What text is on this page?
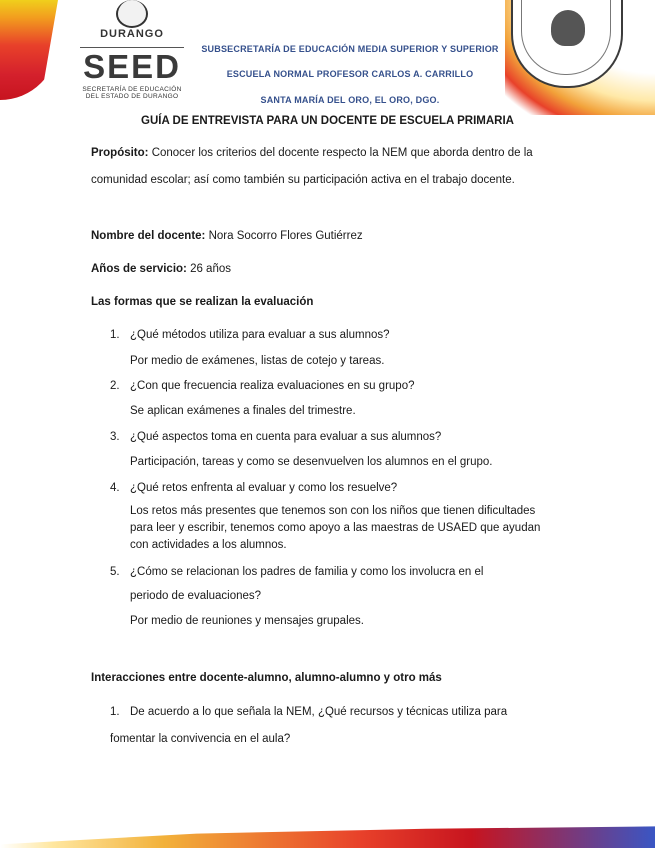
DURANGO
SEED
SECRETARÍA DE EDUCACIÓN
DEL ESTADO DE DURANGO
SUBSECRETARÍA DE EDUCACIÓN MEDIA SUPERIOR Y SUPERIOR
ESCUELA NORMAL PROFESOR CARLOS A. CARRILLO
SANTA MARÍA DEL ORO, EL ORO, DGO.
GUÍA DE ENTREVISTA PARA UN DOCENTE DE ESCUELA PRIMARIA

Propósito: Conocer los criterios del docente respecto la NEM que aborda dentro de la comunidad escolar; así como también su participación activa en el trabajo docente.

Nombre del docente: Nora Socorro Flores Gutiérrez

Años de servicio: 26 años

Las formas que se realizan la evaluación

1. ¿Qué métodos utiliza para evaluar a sus alumnos?

Por medio de exámenes, listas de cotejo y tareas.

2. ¿Con que frecuencia realiza evaluaciones en su grupo?

Se aplican exámenes a finales del trimestre.

3. ¿Qué aspectos toma en cuenta para evaluar a sus alumnos?

Participación, tareas y como se desenvuelven los alumnos en el grupo.

4. ¿Qué retos enfrenta al evaluar y como los resuelve?

Los retos más presentes que tenemos son con los niños que tienen dificultades para leer y escribir, tenemos como apoyo a las maestras de USAED que ayudan con actividades a los alumnos.

5. ¿Cómo se relacionan los padres de familia y como los involucra en el
periodo de evaluaciones?

Por medio de reuniones y mensajes grupales.

Interacciones entre docente-alumno, alumno-alumno y otro más

1. De acuerdo a lo que señala la NEM, ¿Qué recursos y técnicas utiliza para
fomentar la convivencia en el aula?
